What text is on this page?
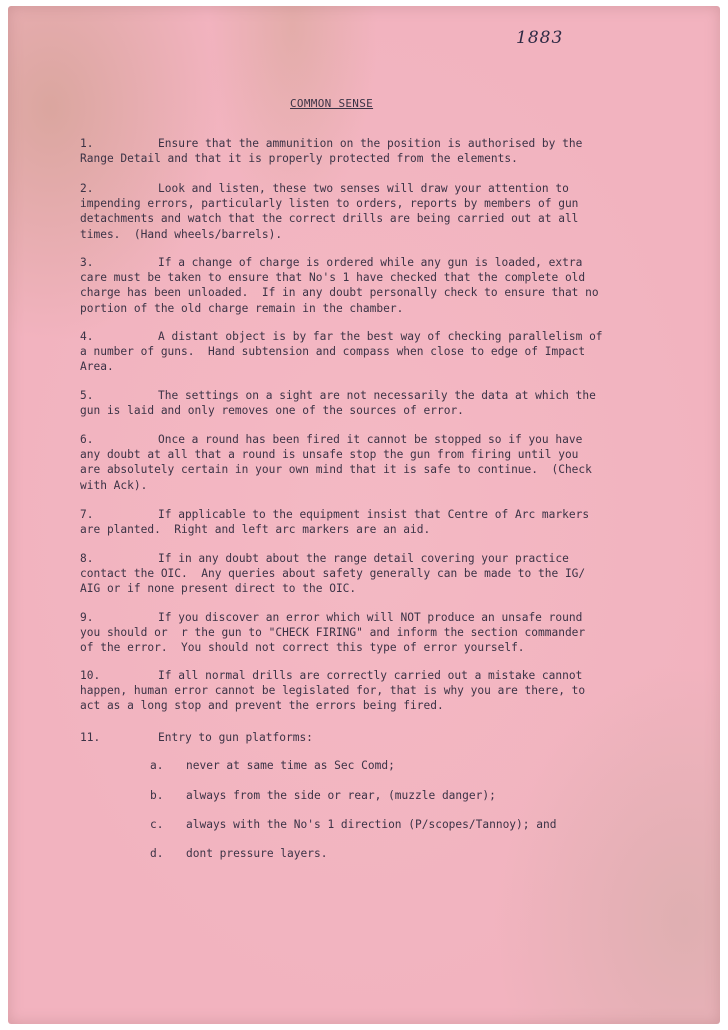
1883
COMMON SENSE
1.	Ensure that the ammunition on the position is authorised by the
Range Detail and that it is properly protected from the elements.
2.	Look and listen, these two senses will draw your attention to
impending errors, particularly listen to orders, reports by members of gun
detachments and watch that the correct drills are being carried out at all
times.  (Hand wheels/barrels).
3.	If a change of charge is ordered while any gun is loaded, extra
care must be taken to ensure that No's 1 have checked that the complete old
charge has been unloaded.  If in any doubt personally check to ensure that no
portion of the old charge remain in the chamber.
4.	A distant object is by far the best way of checking parallelism of
a number of guns.  Hand subtension and compass when close to edge of Impact
Area.
5.	The settings on a sight are not necessarily the data at which the
gun is laid and only removes one of the sources of error.
6.	Once a round has been fired it cannot be stopped so if you have
any doubt at all that a round is unsafe stop the gun from firing until you
are absolutely certain in your own mind that it is safe to continue.  (Check
with Ack).
7.	If applicable to the equipment insist that Centre of Arc markers
are planted.  Right and left arc markers are an aid.
8.	If in any doubt about the range detail covering your practice
contact the OIC.  Any queries about safety generally can be made to the IG/
AIG or if none present direct to the OIC.
9.	If you discover an error which will NOT produce an unsafe round
you should or  r the gun to "CHECK FIRING" and inform the section commander
of the error.  You should not correct this type of error yourself.
10.	If all normal drills are correctly carried out a mistake cannot
happen, human error cannot be legislated for, that is why you are there, to
act as a long stop and prevent the errors being fired.
11.	Entry to gun platforms:
a. never at same time as Sec Comd;
b. always from the side or rear, (muzzle danger);
c. always with the No's 1 direction (P/scopes/Tannoy); and
d. dont pressure layers.
